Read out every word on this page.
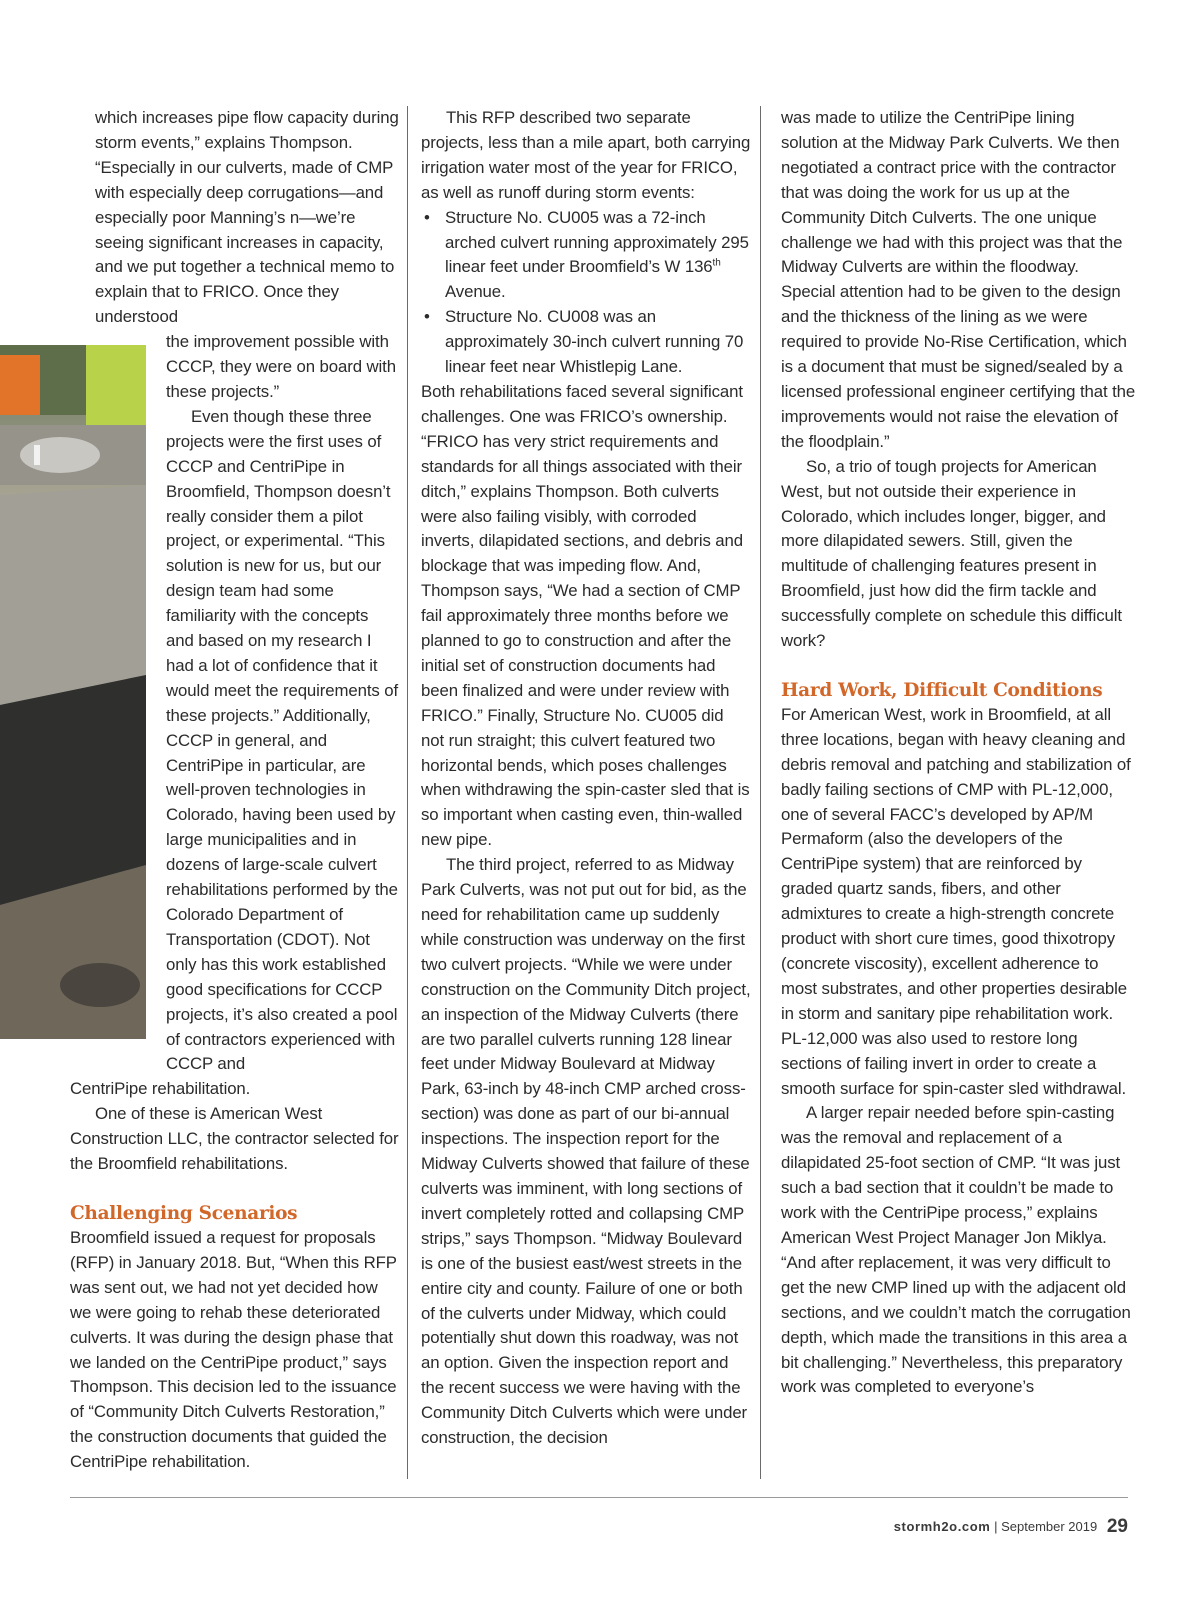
which increases pipe flow capacity during storm events,” explains Thompson. “Especially in our culverts, made of CMP with especially deep corrugations—and especially poor Manning’s n—we’re seeing significant increases in capacity, and we put together a technical memo to explain that to FRICO. Once they understood

the improvement possible with CCCP, they were on board with these projects.”

Even though these three projects were the first uses of CCCP and CentriPipe in Broomfield, Thompson doesn’t really consider them a pilot project, or experimental. “This solution is new for us, but our design team had some familiarity with the concepts and based on my research I had a lot of confidence that it would meet the requirements of these projects.” Additionally, CCCP in general, and CentriPipe in particular, are well-proven technologies in Colorado, having been used by large municipalities and in dozens of large-scale culvert rehabilitations performed by the Colorado Department of Transportation (CDOT). Not only has this work established good specifications for CCCP projects, it’s also created a pool of contractors experienced with CCCP and

CentriPipe rehabilitation.

One of these is American West Construction LLC, the contractor selected for the Broomfield rehabilitations.

Challenging Scenarios

Broomfield issued a request for proposals (RFP) in January 2018. But, “When this RFP was sent out, we had not yet decided how we were going to rehab these deteriorated culverts. It was during the design phase that we landed on the CentriPipe product,” says Thompson. This decision led to the issuance of “Community Ditch Culverts Restoration,” the construction documents that guided the CentriPipe rehabilitation.

This RFP described two separate projects, less than a mile apart, both carrying irrigation water most of the year for FRICO, as well as runoff during storm events:

• Structure No. CU005 was a 72-inch arched culvert running approximately 295 linear feet under Broomfield’s W 136th Avenue.
• Structure No. CU008 was an approximately 30-inch culvert running 70 linear feet near Whistlepig Lane.

Both rehabilitations faced several significant challenges. One was FRICO’s ownership. “FRICO has very strict requirements and standards for all things associated with their ditch,” explains Thompson. Both culverts were also failing visibly, with corroded inverts, dilapidated sections, and debris and blockage that was impeding flow. And, Thompson says, “We had a section of CMP fail approximately three months before we planned to go to construction and after the initial set of construction documents had been finalized and were under review with FRICO.” Finally, Structure No. CU005 did not run straight; this culvert featured two horizontal bends, which poses challenges when withdrawing the spin-caster sled that is so important when casting even, thin-walled new pipe.

The third project, referred to as Midway Park Culverts, was not put out for bid, as the need for rehabilitation came up suddenly while construction was underway on the first two culvert projects. “While we were under construction on the Community Ditch project, an inspection of the Midway Culverts (there are two parallel culverts running 128 linear feet under Midway Boulevard at Midway Park, 63-inch by 48-inch CMP arched cross-section) was done as part of our bi-annual inspections. The inspection report for the Midway Culverts showed that failure of these culverts was imminent, with long sections of invert completely rotted and collapsing CMP strips,” says Thompson. “Midway Boulevard is one of the busiest east/west streets in the entire city and county. Failure of one or both of the culverts under Midway, which could potentially shut down this roadway, was not an option. Given the inspection report and the recent success we were having with the Community Ditch Culverts which were under construction, the decision

was made to utilize the CentriPipe lining solution at the Midway Park Culverts. We then negotiated a contract price with the contractor that was doing the work for us up at the Community Ditch Culverts. The one unique challenge we had with this project was that the Midway Culverts are within the floodway. Special attention had to be given to the design and the thickness of the lining as we were required to provide No-Rise Certification, which is a document that must be signed/sealed by a licensed professional engineer certifying that the improvements would not raise the elevation of the floodplain.”

So, a trio of tough projects for American West, but not outside their experience in Colorado, which includes longer, bigger, and more dilapidated sewers. Still, given the multitude of challenging features present in Broomfield, just how did the firm tackle and successfully complete on schedule this difficult work?

Hard Work, Difficult Conditions

For American West, work in Broomfield, at all three locations, began with heavy cleaning and debris removal and patching and stabilization of badly failing sections of CMP with PL-12,000, one of several FACC’s developed by AP/M Permaform (also the developers of the CentriPipe system) that are reinforced by graded quartz sands, fibers, and other admixtures to create a high-strength concrete product with short cure times, good thixotropy (concrete viscosity), excellent adherence to most substrates, and other properties desirable in storm and sanitary pipe rehabilitation work. PL-12,000 was also used to restore long sections of failing invert in order to create a smooth surface for spin-caster sled withdrawal.

A larger repair needed before spin-casting was the removal and replacement of a dilapidated 25-foot section of CMP. “It was just such a bad section that it couldn’t be made to work with the CentriPipe process,” explains American West Project Manager Jon Miklya. “And after replacement, it was very difficult to get the new CMP lined up with the adjacent old sections, and we couldn’t match the corrugation depth, which made the transitions in this area a bit challenging.” Nevertheless, this preparatory work was completed to everyone’s

stormh2o.com | September 2019 29
